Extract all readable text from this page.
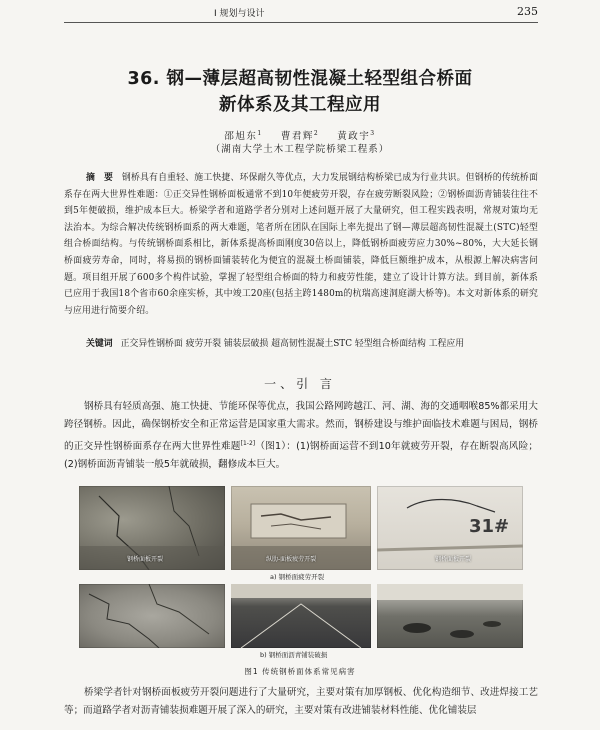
Ⅰ 规划与设计	235
36. 钢—薄层超高韧性混凝土轻型组合桥面
新体系及其工程应用
邵旭东$^1$ 曹君辉$^2$ 黄政宇$^3$
（湖南大学土木工程学院桥梁工程系）
摘 要 钢桥具有自重轻、施工快捷、环保耐久等优点，大力发展钢结构桥梁已成为行业共识。但钢桥的传统桥面系存在两大世界性难题：①正交异性钢桥面板通常不到10年便疲劳开裂，存在疲劳断裂风险；②钢桥面沥青铺装往往不到5年便破损，维护成本巨大。桥梁学者和道路学者分别对上述问题开展了大量研究，但工程实践表明，常规对策均无法治本。为综合解决传统钢桥面系的两大难题，笔者所在团队在国际上率先提出了钢—薄层超高韧性混凝土(STC)轻型组合桥面结构。与传统钢桥面系相比，新体系提高桥面刚度30倍以上，降低钢桥面疲劳应力30%~80%，大大延长钢桥面疲劳寿命，同时，将易损的钢桥面铺装转化为便宜的混凝土桥面铺装，降低巨额维护成本，从根源上解决病害问题。项目组开展了600多个构件试验，掌握了轻型组合桥面的特力和疲劳性能，建立了设计计算方法。到目前，新体系已应用于我国18个省市60余座实桥，其中竣工20座(包括主跨1480m的杭瑞高速洞庭湖大桥等)。本文对新体系的研究与应用进行简要介绍。
关键词 正交异性钢桥面 疲劳开裂 铺装层破损 超高韧性混凝土STC 轻型组合桥面结构 工程应用
一、引 言
钢桥具有轻质高强、施工快捷、节能环保等优点，我国公路网跨越江、河、湖、海的交通咽喉85%都采用大跨径钢桥。因此，确保钢桥安全和正常运营是国家重大需求。然而，钢桥建设与维护面临技术难题与困局，钢桥的正交异性钢桥面系存在两大世界性难题[1-2]（图1）：(1)钢桥面运营不到10年就疲劳开裂，存在断裂高风险；(2)钢桥面沥青铺装一般5年就破损，翻修成本巨大。
钢桥面板开裂	纵肋-面板疲劳开裂
31#
钢桥面板开裂
a) 钢桥面疲劳开裂
b) 钢桥面沥青铺装破损
图1 传统钢桥面体系常见病害
桥梁学者针对钢桥面板疲劳开裂问题进行了大量研究，主要对策有加厚钢板、优化构造细节、改进焊接工艺等；而道路学者对沥青铺装损难题开展了深入的研究，主要对策有改进铺装材料性能、优化铺装层
